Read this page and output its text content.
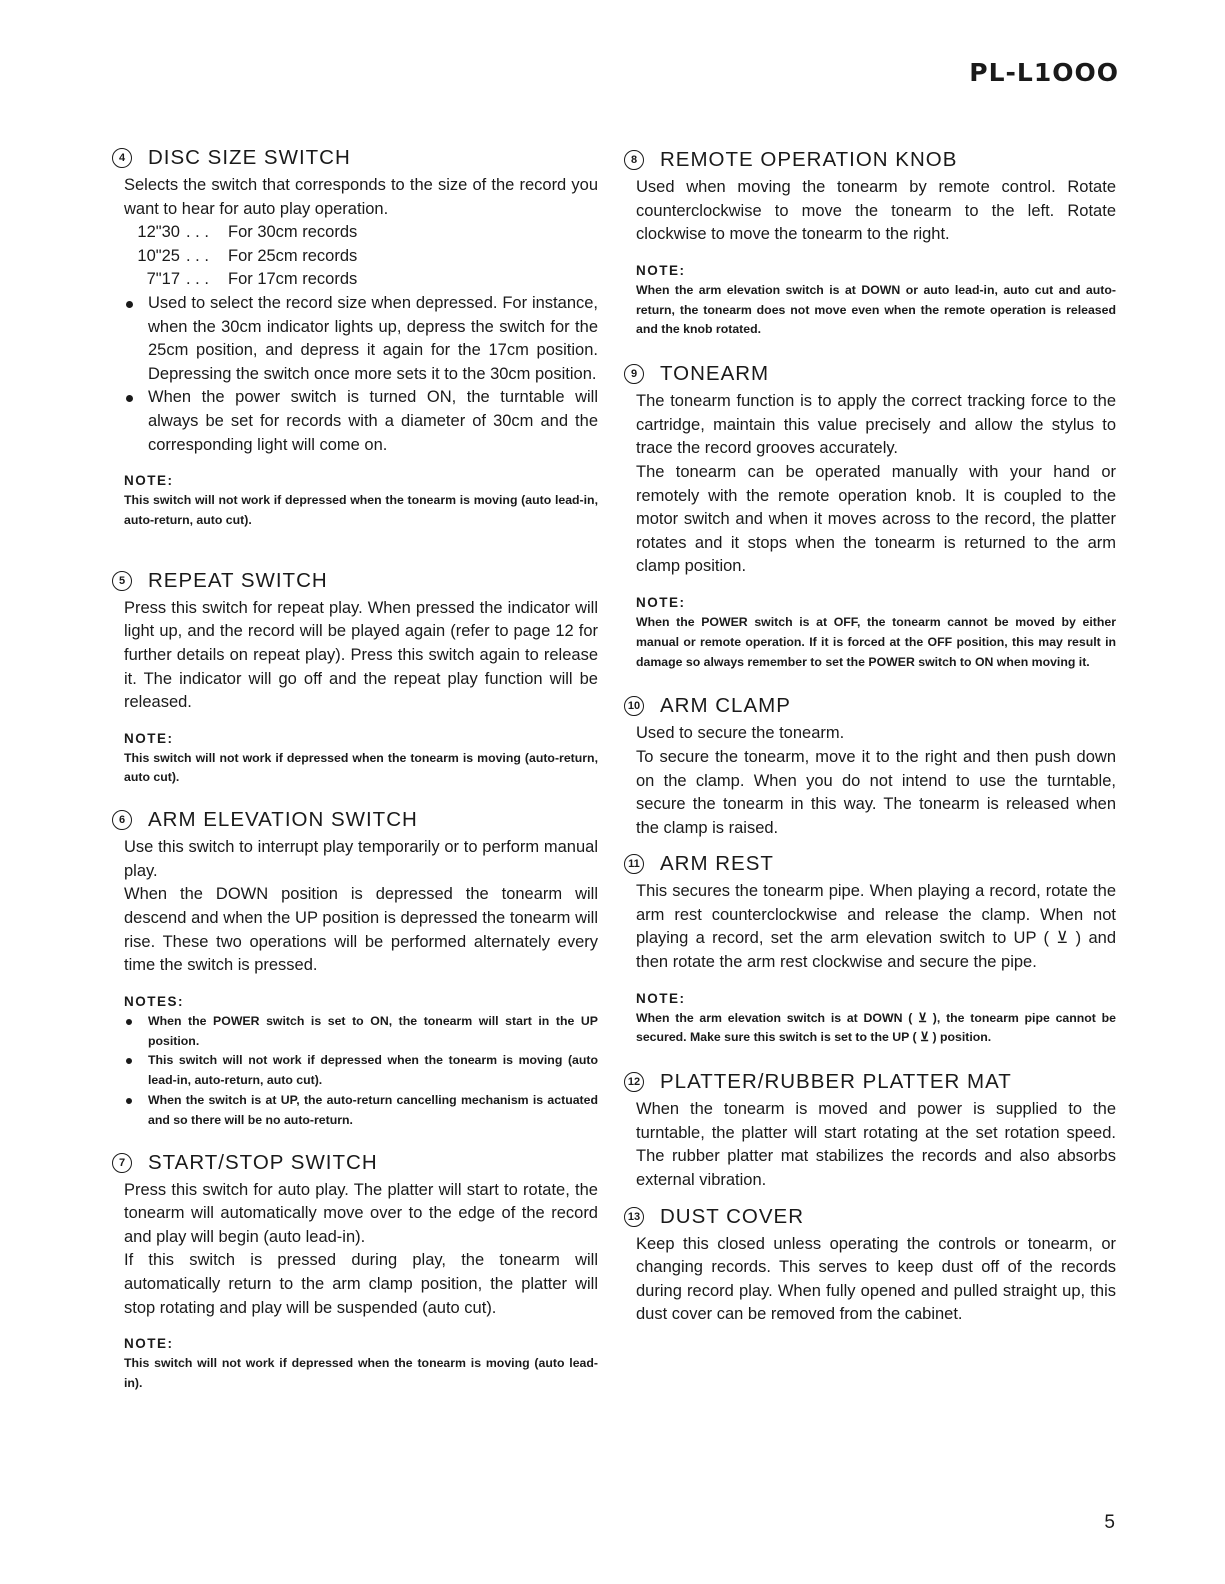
PL-L1OOO
4	DISC SIZE SWITCH

Selects the switch that corresponds to the size of the record you want to hear for auto play operation.

12"30 . . .	For 30cm records
10"25 . . .	For 25cm records
7"17 . . .	For 17cm records
Used to select the record size when depressed. For instance, when the 30cm indicator lights up, depress the switch for the 25cm position, and depress it again for the 17cm position. Depressing the switch once more sets it to the 30cm position.
When the power switch is turned ON, the turntable will always be set for records with a diameter of 30cm and the corresponding light will come on.
NOTE:

This switch will not work if depressed when the tonearm is moving (auto lead-in, auto-return, auto cut).

5	REPEAT SWITCH

Press this switch for repeat play. When pressed the indicator will light up, and the record will be played again (refer to page 12 for further details on repeat play). Press this switch again to release it. The indicator will go off and the repeat play function will be released.

NOTE:

This switch will not work if depressed when the tonearm is moving (auto-return, auto cut).

6	ARM ELEVATION SWITCH

Use this switch to interrupt play temporarily or to perform manual play.

When the DOWN position is depressed the tonearm will descend and when the UP position is depressed the tonearm will rise. These two operations will be performed alternately every time the switch is pressed.

NOTES:
When the POWER switch is set to ON, the tonearm will start in the UP position.
This switch will not work if depressed when the tonearm is moving (auto lead-in, auto-return, auto cut).
When the switch is at UP, the auto-return cancelling mechanism is actuated and so there will be no auto-return.
7	START/STOP SWITCH

Press this switch for auto play. The platter will start to rotate, the tonearm will automatically move over to the edge of the record and play will begin (auto lead-in).

If this switch is pressed during play, the tonearm will automatically return to the arm clamp position, the platter will stop rotating and play will be suspended (auto cut).

NOTE:

This switch will not work if depressed when the tonearm is moving (auto lead-in).

8	REMOTE OPERATION KNOB

Used when moving the tonearm by remote control. Rotate counterclockwise to move the tonearm to the left. Rotate clockwise to move the tonearm to the right.

NOTE:

When the arm elevation switch is at DOWN or auto lead-in, auto cut and auto-return, the tonearm does not move even when the remote operation is released and the knob rotated.

9	TONEARM

The tonearm function is to apply the correct tracking force to the cartridge, maintain this value precisely and allow the stylus to trace the record grooves accurately.

The tonearm can be operated manually with your hand or remotely with the remote operation knob. It is coupled to the motor switch and when it moves across to the record, the platter rotates and it stops when the tonearm is returned to the arm clamp position.

NOTE:

When the POWER switch is at OFF, the tonearm cannot be moved by either manual or remote operation. If it is forced at the OFF position, this may result in damage so always remember to set the POWER switch to ON when moving it.

10 ARM CLAMP

Used to secure the tonearm.

To secure the tonearm, move it to the right and then push down on the clamp. When you do not intend to use the turntable, secure the tonearm in this way. The tonearm is released when the clamp is raised.

11 ARM REST

This secures the tonearm pipe. When playing a record, rotate the arm rest counterclockwise and release the clamp. When not playing a record, set the arm elevation switch to UP ( ⊻ ) and then rotate the arm rest clockwise and secure the pipe.

NOTE:

When the arm elevation switch is at DOWN ( ⊻ ), the tonearm pipe cannot be secured. Make sure this switch is set to the UP ( ⊻ ) position.

12 PLATTER/RUBBER PLATTER MAT

When the tonearm is moved and power is supplied to the turntable, the platter will start rotating at the set rotation speed. The rubber platter mat stabilizes the records and also absorbs external vibration.

13 DUST COVER

Keep this closed unless operating the controls or tonearm, or changing records. This serves to keep dust off of the records during record play. When fully opened and pulled straight up, this dust cover can be removed from the cabinet.

5
